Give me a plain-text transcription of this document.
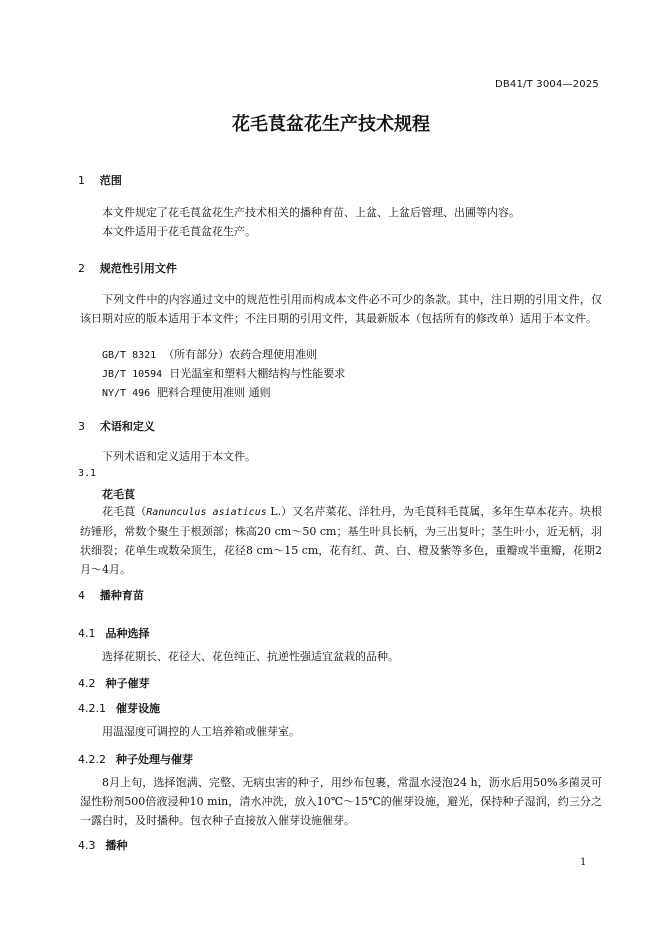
DB41/T 3004—2025
花毛茛盆花生产技术规程
1 范围
本文件规定了花毛茛盆花生产技术相关的播种育苗、上盆、上盆后管理、出圃等内容。
本文件适用于花毛茛盆花生产。
2 规范性引用文件
下列文件中的内容通过文中的规范性引用而构成本文件必不可少的条款。其中，注日期的引用文件，仅该日期对应的版本适用于本文件；不注日期的引用文件，其最新版本（包括所有的修改单）适用于本文件。
GB/T 8321 （所有部分）农药合理使用准则
JB/T 10594 日光温室和塑料大棚结构与性能要求
NY/T 496 肥料合理使用准则 通则
3 术语和定义
下列术语和定义适用于本文件。
3.1
花毛茛
花毛茛（Ranunculus asiaticus L.）又名芹菜花、洋牡丹，为毛茛科毛茛属，多年生草本花卉。块根纺锤形，常数个聚生于根颈部；株高20 cm～50 cm；基生叶具长柄，为三出复叶；茎生叶小，近无柄，羽状细裂；花单生或数朵顶生，花径8 cm～15 cm，花有红、黄、白、橙及紫等多色，重瓣或半重瓣，花期2月～4月。
4 播种育苗
4.1 品种选择
选择花期长、花径大、花色纯正、抗逆性强适宜盆栽的品种。
4.2 种子催芽
4.2.1 催芽设施
用温湿度可调控的人工培养箱或催芽室。
4.2.2 种子处理与催芽
8月上旬，选择饱满、完整、无病虫害的种子，用纱布包裹，常温水浸泡24 h，沥水后用50%多菌灵可湿性粉剂500倍液浸种10 min，清水冲洗，放入10℃～15℃的催芽设施，避光，保持种子湿润，约三分之一露白时，及时播种。包衣种子直接放入催芽设施催芽。
4.3 播种
1
